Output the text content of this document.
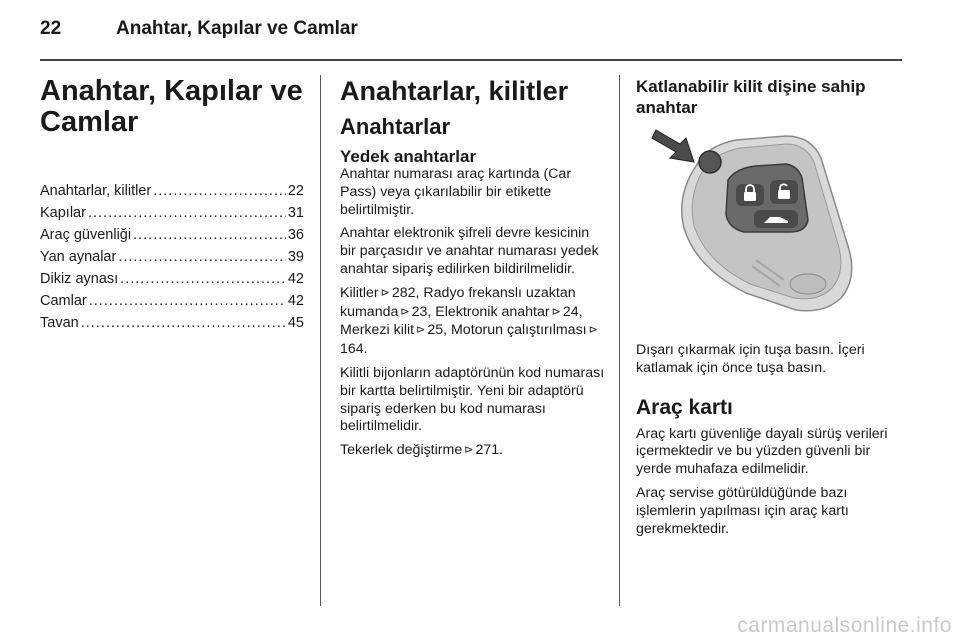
22	Anahtar, Kapılar ve Camlar
Anahtar, Kapılar ve
Camlar
Anahtarlar, kilitler .....	22
Kapılar .....	31
Araç güvenliği .....	36
Yan aynalar .....	39
Dikiz aynası .....	42
Camlar .....	42
Tavan .....	45
Anahtarlar, kilitler
Anahtarlar
Yedek anahtarlar

Anahtar numarası araç kartında (Car Pass) veya çıkarılabilir bir etikette belirtilmiştir.

Anahtar elektronik şifreli devre kesicinin bir parçasıdır ve anahtar numarası yedek anahtar sipariş edilirken bildirilmelidir.

Kilitler ⊳ 282, Radyo frekanslı uzaktan kumanda ⊳ 23, Elektronik anahtar ⊳ 24, Merkezi kilit ⊳ 25, Motorun çalıştırılması ⊳164.

Kilitli bijonların adaptörünün kod numarası bir kartta belirtilmiştir. Yeni bir adaptörü sipariş ederken bu kod numarası belirtilmelidir.

Tekerlek değiştirme ⊳ 271.

Katlanabilir kilit dişine sahip
anahtar

Dışarı çıkarmak için tuşa basın. İçeri katlamak için önce tuşa basın.

Araç kartı

Araç kartı güvenliğe dayalı sürüş verileri içermektedir ve bu yüzden güvenli bir yerde muhafaza edilmelidir.

Araç servise götürüldüğünde bazı işlemlerin yapılması için araç kartı gerekmektedir.

carmanualsonline.info
